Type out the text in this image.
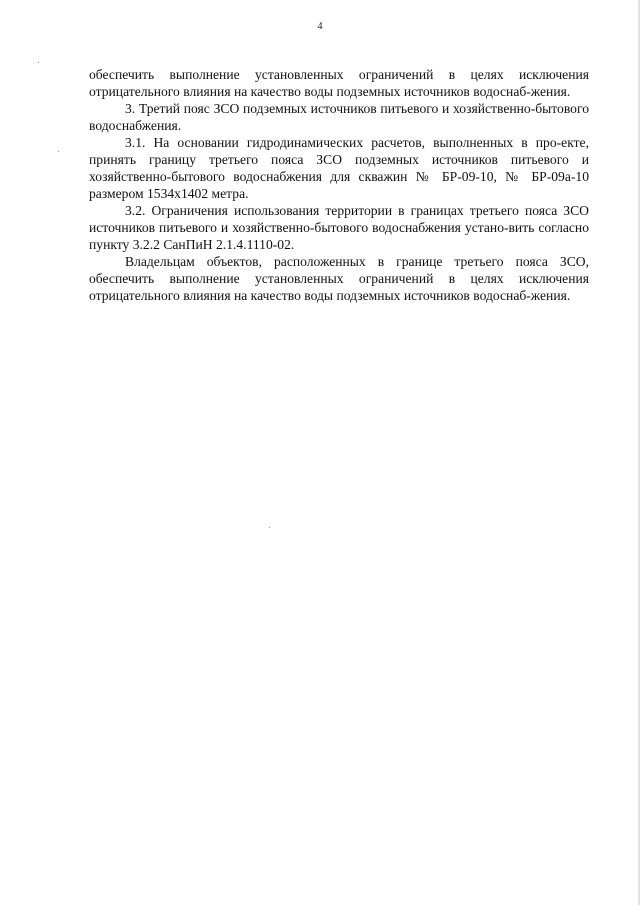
4

обеспечить выполнение установленных ограничений в целях исключения отрицательного влияния на качество воды подземных источников водоснаб-жения.

3. Третий пояс ЗСО подземных источников питьевого и хозяйственно-бытового водоснабжения.

3.1. На основании гидродинамических расчетов, выполненных в про-екте, принять границу третьего пояса ЗСО подземных источников питьевого и хозяйственно-бытового водоснабжения для скважин № БР-09-10, № БР-09а-10 размером 1534х1402 метра.

3.2. Ограничения использования территории в границах третьего пояса ЗСО источников питьевого и хозяйственно-бытового водоснабжения устано-вить согласно пункту 3.2.2 СанПиН 2.1.4.1110-02.

Владельцам объектов, расположенных в границе третьего пояса ЗСО, обеспечить выполнение установленных ограничений в целях исключения отрицательного влияния на качество воды подземных источников водоснаб-жения.
